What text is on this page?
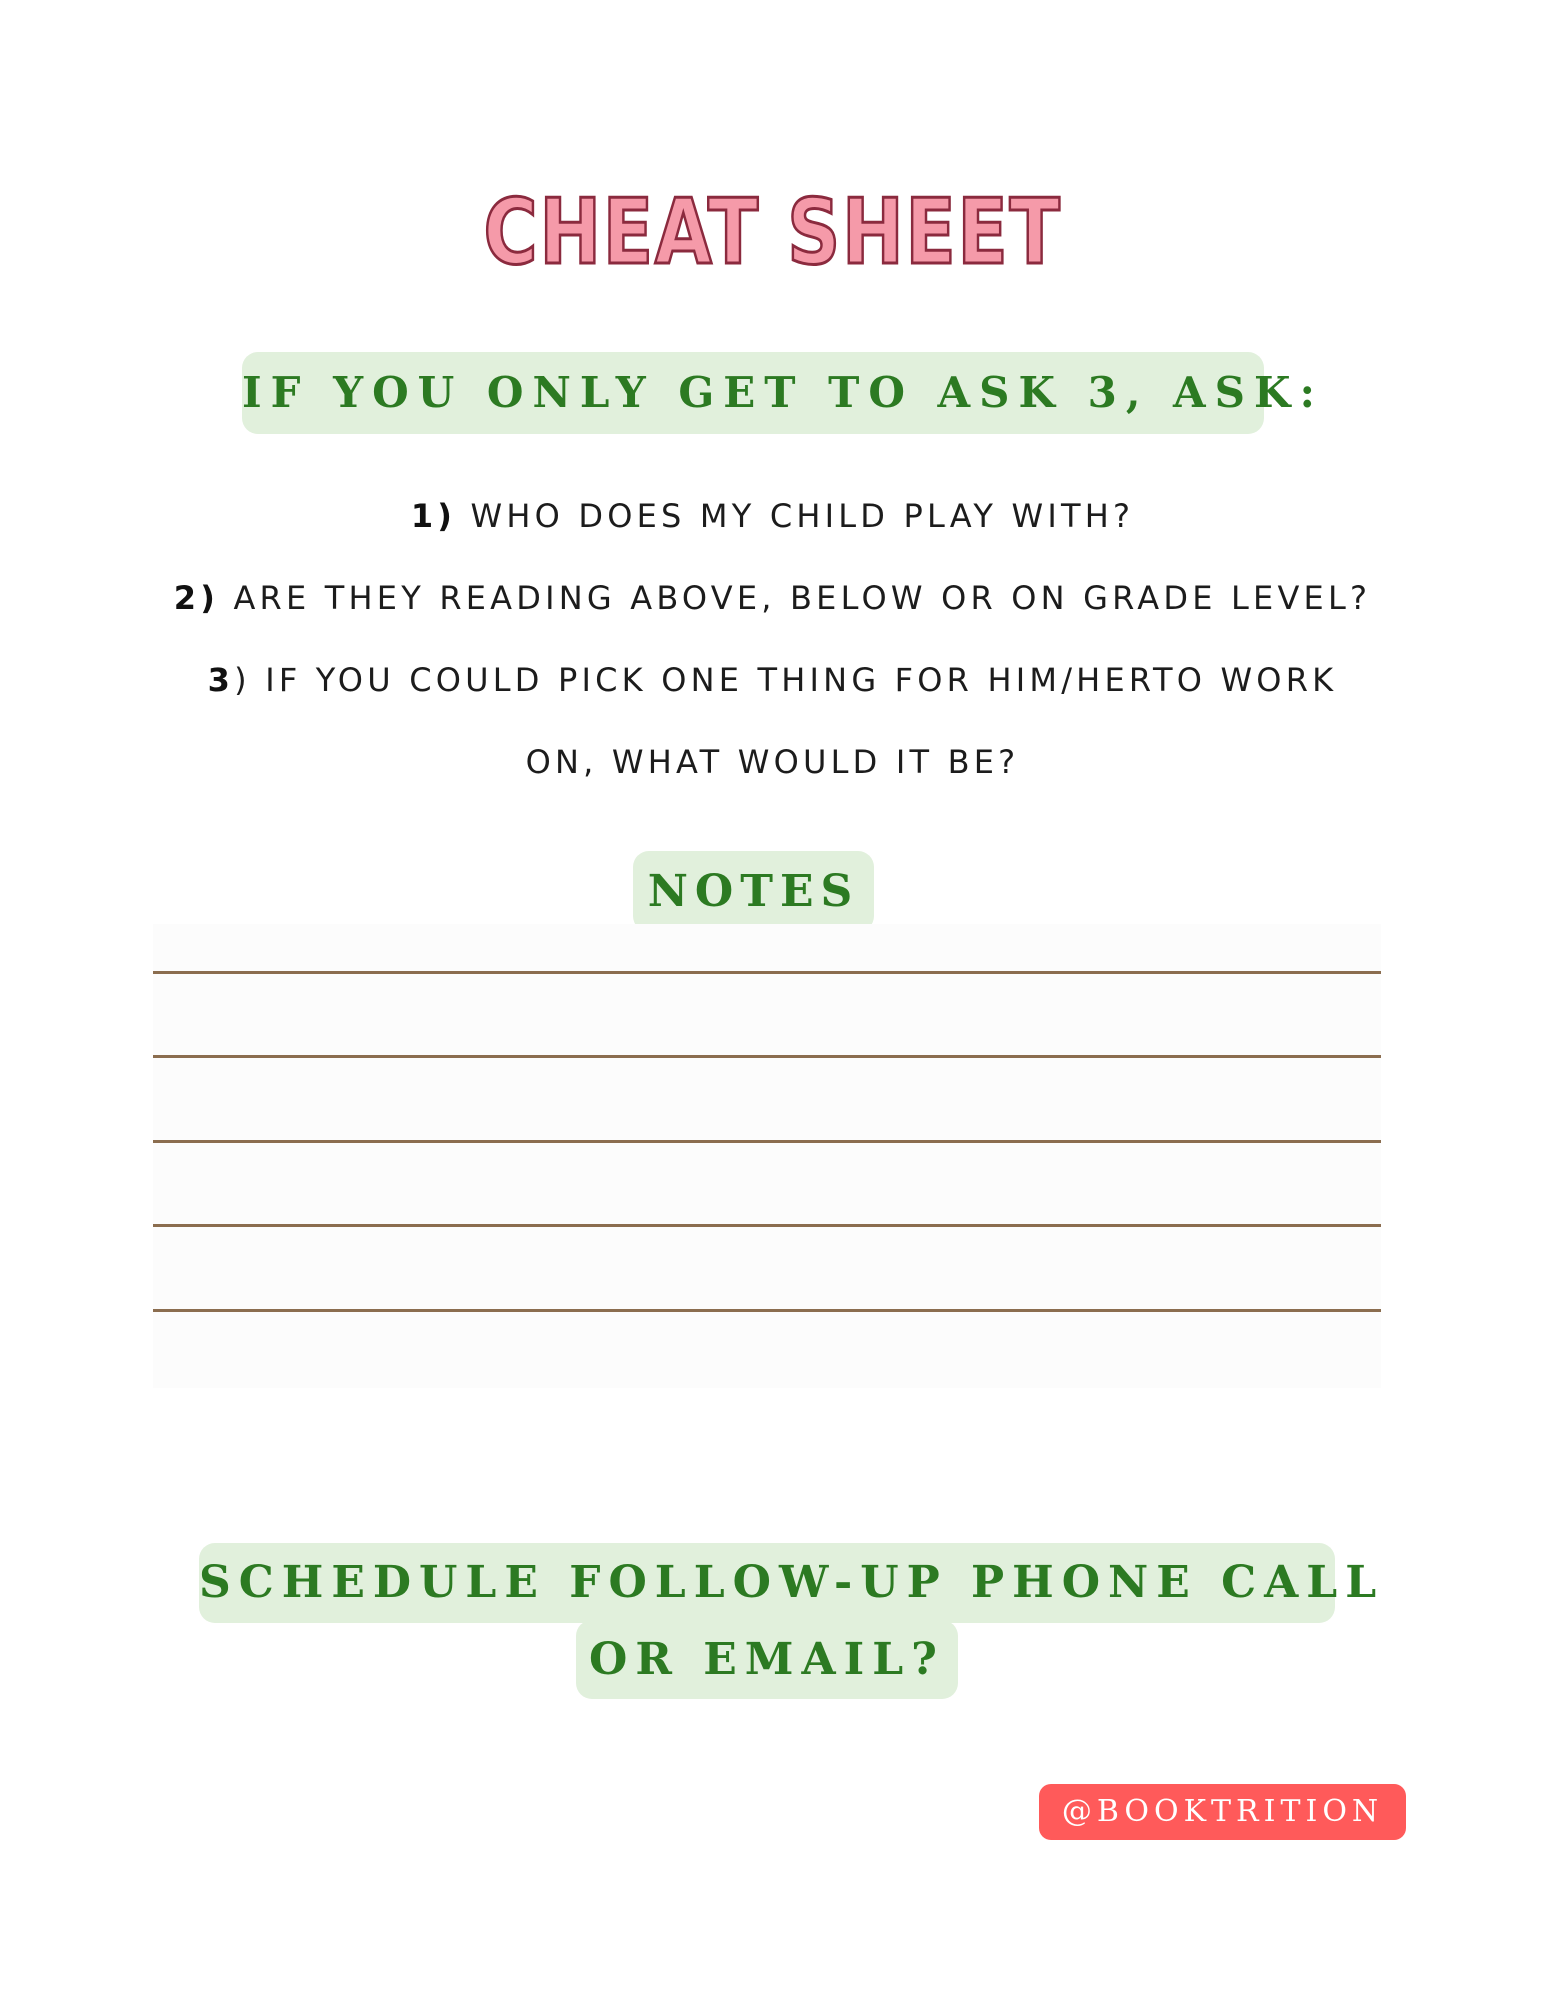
CHEAT SHEET
IF YOU ONLY GET TO ASK 3, ASK:
1) WHO DOES MY CHILD PLAY WITH?
2) ARE THEY READING ABOVE, BELOW OR ON GRADE LEVEL?
3) IF YOU COULD PICK ONE THING FOR HIM/HERTO WORK
ON, WHAT WOULD IT BE?
NOTES
SCHEDULE FOLLOW-UP PHONE CALL
OR EMAIL?
@BOOKTRITION
